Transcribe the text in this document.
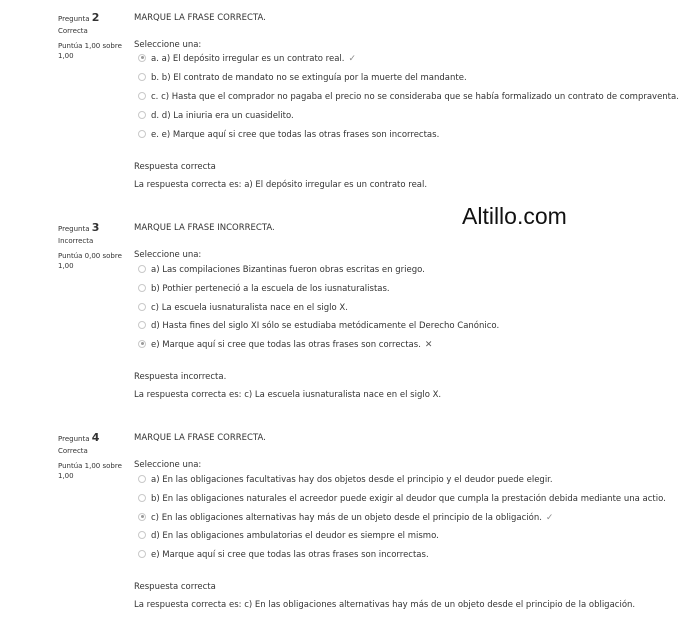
Pregunta 2
Correcta
Puntúa 1,00 sobre 1,00
MARQUE LA FRASE CORRECTA.
Seleccione una:
a. a) El depósito irregular es un contrato real. ✓
b. b) El contrato de mandato no se extinguía por la muerte del mandante.
c. c) Hasta que el comprador no pagaba el precio no se consideraba que se había formalizado un contrato de compraventa.
d. d) La iniuria era un cuasidelito.
e. e) Marque aquí si cree que todas las otras frases son incorrectas.
Respuesta correcta
La respuesta correcta es: a) El depósito irregular es un contrato real.
Pregunta 3
Incorrecta
Puntúa 0,00 sobre 1,00
MARQUE LA FRASE INCORRECTA.
Seleccione una:
a) Las compilaciones Bizantinas fueron obras escritas en griego.
b) Pothier perteneció a la escuela de los iusnaturalistas.
c) La escuela iusnaturalista nace en el siglo X.
d) Hasta fines del siglo XI sólo se estudiaba metódicamente el Derecho Canónico.
e) Marque aquí si cree que todas las otras frases son correctas. ✕
Respuesta incorrecta.
La respuesta correcta es: c) La escuela iusnaturalista nace en el siglo X.
Pregunta 4
Correcta
Puntúa 1,00 sobre 1,00
MARQUE LA FRASE CORRECTA.
Seleccione una:
a) En las obligaciones facultativas hay dos objetos desde el principio y el deudor puede elegir.
b) En las obligaciones naturales el acreedor puede exigir al deudor que cumpla la prestación debida mediante una actio.
c) En las obligaciones alternativas hay más de un objeto desde el principio de la obligación. ✓
d) En las obligaciones ambulatorias el deudor es siempre el mismo.
e) Marque aquí si cree que todas las otras frases son incorrectas.
Respuesta correcta
La respuesta correcta es: c) En las obligaciones alternativas hay más de un objeto desde el principio de la obligación.
Altillo.com
